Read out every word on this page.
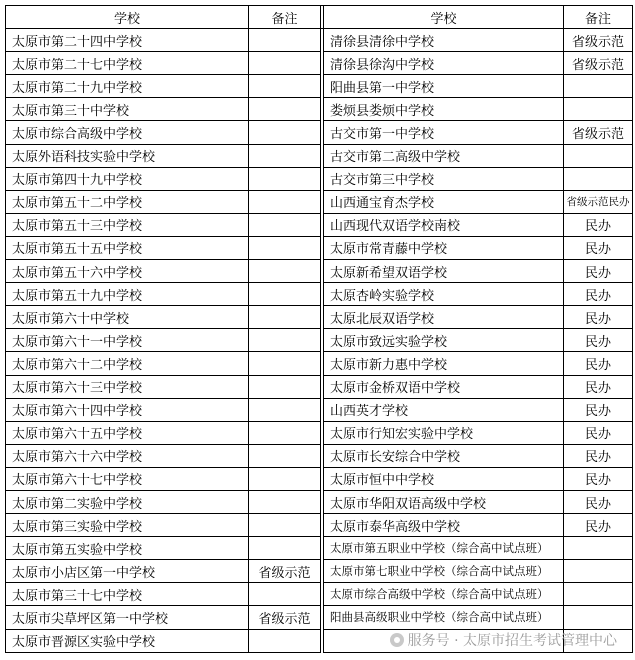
学校	备注		学校	备注
太原市第二十四中学校			清徐县清徐中学校	省级示范
太原市第二十七中学校			清徐县徐沟中学校	省级示范
太原市第二十九中学校			阳曲县第一中学校	
太原市第三十中学校			娄烦县娄烦中学校	
太原市综合高级中学校			古交市第一中学校	省级示范
太原外语科技实验中学校			古交市第二高级中学校	
太原市第四十九中学校			古交市第三中学校	
太原市第五十二中学校			山西通宝育杰学校	省级示范民办
太原市第五十三中学校			山西现代双语学校南校	民办
太原市第五十五中学校			太原市常青藤中学校	民办
太原市第五十六中学校			太原新希望双语学校	民办
太原市第五十九中学校			太原杏岭实验学校	民办
太原市第六十中学校			太原北辰双语学校	民办
太原市第六十一中学校			太原市致远实验学校	民办
太原市第六十二中学校			太原市新力惠中学校	民办
太原市第六十三中学校			太原市金桥双语中学校	民办
太原市第六十四中学校			山西英才学校	民办
太原市第六十五中学校			太原市行知宏实验中学校	民办
太原市第六十六中学校			太原市长安综合中学校	民办
太原市第六十七中学校			太原市恒中中学校	民办
太原市第二实验中学校			太原市华阳双语高级中学校	民办
太原市第三实验中学校			太原市泰华高级中学校	民办
太原市第五实验中学校			太原市第五职业中学校（综合高中试点班）	
太原市小店区第一中学校	省级示范		太原市第七职业中学校（综合高中试点班）	
太原市第三十七中学校			太原市综合高级中学校（综合高中试点班）	
太原市尖草坪区第一中学校	省级示范		阳曲县高级职业中学校（综合高中试点班）	
太原市晋源区实验中学校					服务号 · 太原市招生考试管理中心
